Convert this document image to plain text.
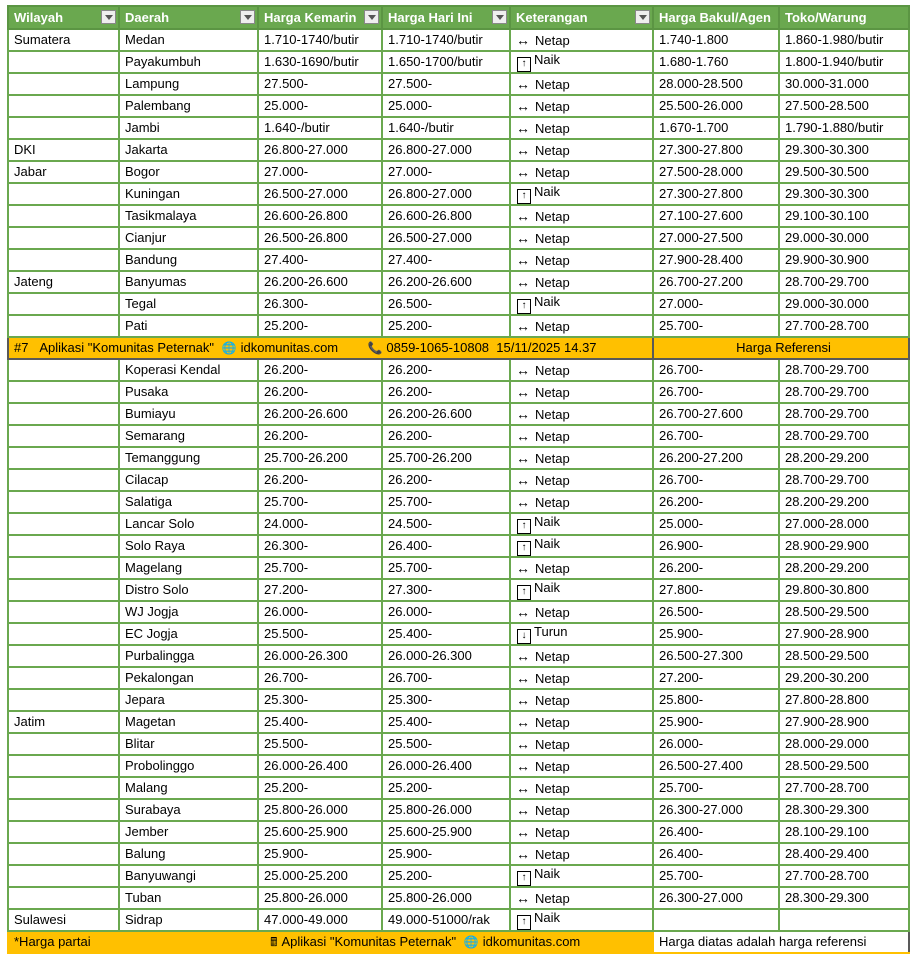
Wilayah	Daerah	Harga Kemarin	Harga Hari Ini	Keterangan	Harga Bakul/Agen	Toko/Warung
Sumatera	Medan	1.710-1740/butir	1.710-1740/butir	↔ Netap	1.740-1.800	1.860-1.980/butir
	Payakumbuh	1.630-1690/butir	1.650-1700/butir	↑ Naik	1.680-1.760	1.800-1.940/butir
	Lampung	27.500-	27.500-	↔ Netap	28.000-28.500	30.000-31.000
	Palembang	25.000-	25.000-	↔ Netap	25.500-26.000	27.500-28.500
	Jambi	1.640-/butir	1.640-/butir	↔ Netap	1.670-1.700	1.790-1.880/butir
DKI	Jakarta	26.800-27.000	26.800-27.000	↔ Netap	27.300-27.800	29.300-30.300
Jabar	Bogor	27.000-	27.000-	↔ Netap	27.500-28.000	29.500-30.500
	Kuningan	26.500-27.000	26.800-27.000	↑ Naik	27.300-27.800	29.300-30.300
	Tasikmalaya	26.600-26.800	26.600-26.800	↔ Netap	27.100-27.600	29.100-30.100
	Cianjur	26.500-26.800	26.500-27.000	↔ Netap	27.000-27.500	29.000-30.000
	Bandung	27.400-	27.400-	↔ Netap	27.900-28.400	29.900-30.900
Jateng	Banyumas	26.200-26.600	26.200-26.600	↔ Netap	26.700-27.200	28.700-29.700
	Tegal	26.300-	26.500-	↑ Naik	27.000-	29.000-30.000
	Pati	25.200-	25.200-	↔ Netap	25.700-	27.700-28.700
#7 Aplikasi "Komunitas Peternak" 🌐 idkomunitas.com 📞 0859-1065-10808 15/11/2025 14.37					Harga Referensi	
	Koperasi Kendal	26.200-	26.200-	↔ Netap	26.700-	28.700-29.700
	Pusaka	26.200-	26.200-	↔ Netap	26.700-	28.700-29.700
	Bumiayu	26.200-26.600	26.200-26.600	↔ Netap	26.700-27.600	28.700-29.700
	Semarang	26.200-	26.200-	↔ Netap	26.700-	28.700-29.700
	Temanggung	25.700-26.200	25.700-26.200	↔ Netap	26.200-27.200	28.200-29.200
	Cilacap	26.200-	26.200-	↔ Netap	26.700-	28.700-29.700
	Salatiga	25.700-	25.700-	↔ Netap	26.200-	28.200-29.200
	Lancar Solo	24.000-	24.500-	↑ Naik	25.000-	27.000-28.000
	Solo Raya	26.300-	26.400-	↑ Naik	26.900-	28.900-29.900
	Magelang	25.700-	25.700-	↔ Netap	26.200-	28.200-29.200
	Distro Solo	27.200-	27.300-	↑ Naik	27.800-	29.800-30.800
	WJ Jogja	26.000-	26.000-	↔ Netap	26.500-	28.500-29.500
	EC Jogja	25.500-	25.400-	↓ Turun	25.900-	27.900-28.900
	Purbalingga	26.000-26.300	26.000-26.300	↔ Netap	26.500-27.300	28.500-29.500
	Pekalongan	26.700-	26.700-	↔ Netap	27.200-	29.200-30.200
	Jepara	25.300-	25.300-	↔ Netap	25.800-	27.800-28.800
Jatim	Magetan	25.400-	25.400-	↔ Netap	25.900-	27.900-28.900
	Blitar	25.500-	25.500-	↔ Netap	26.000-	28.000-29.000
	Probolinggo	26.000-26.400	26.000-26.400	↔ Netap	26.500-27.400	28.500-29.500
	Malang	25.200-	25.200-	↔ Netap	25.700-	27.700-28.700
	Surabaya	25.800-26.000	25.800-26.000	↔ Netap	26.300-27.000	28.300-29.300
	Jember	25.600-25.900	25.600-25.900	↔ Netap	26.400-	28.100-29.100
	Balung	25.900-	25.900-	↔ Netap	26.400-	28.400-29.400
	Banyuwangi	25.000-25.200	25.200-	↑ Naik	25.700-	27.700-28.700
	Tuban	25.800-26.000	25.800-26.000	↔ Netap	26.300-27.000	28.300-29.300
Sulawesi	Sidrap	47.000-49.000	49.000-51000/rak	↑ Naik		
*Harga partai 🖩 Aplikasi "Komunitas Peternak" 🌐 idkomunitas.com					Harga diatas adalah harga referensi	
